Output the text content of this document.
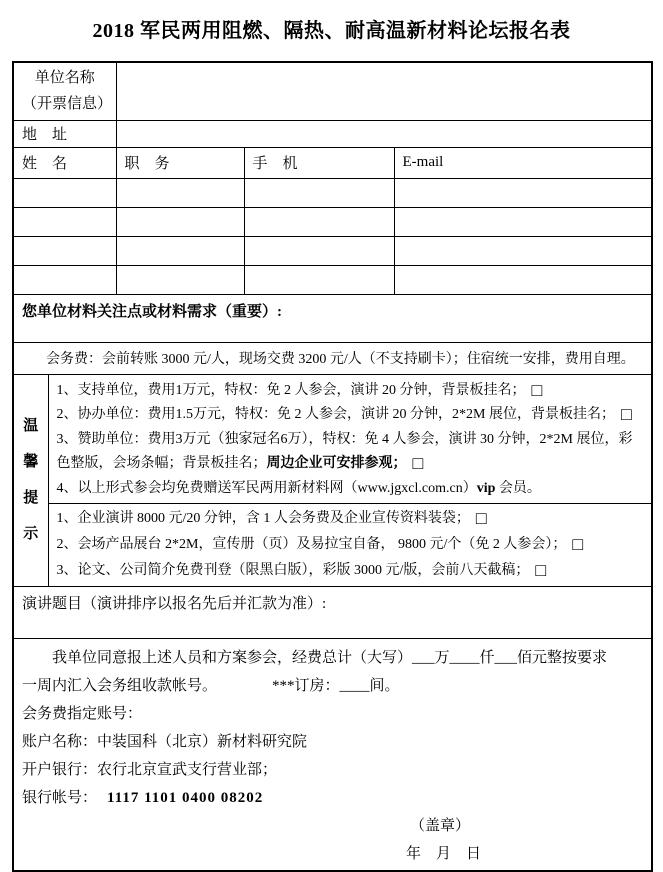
2018 军民两用阻燃、隔热、耐高温新材料论坛报名表
单位名称
（开票信息）				

地　址				
姓　名		职　务	手　机	E-mail

您单位材料关注点或材料需求（重要）:				
会务费：会前转账 3000 元/人，现场交费 3200 元/人（不支持刷卡）；住宿统一安排，费用自理。				

温
馨
提
示

1、支持单位，费用1万元，特权：免 2 人参会，演讲 20 分钟，背景板挂名； □
2、协办单位：费用1.5万元，特权：免 2 人参会，演讲 20 分钟，2*2M 展位，背景板挂名； □
3、赞助单位：费用3万元（独家冠名6万），特权：免 4 人参会，演讲 30 分钟，2*2M 展位，彩色整版，会场条幅；背景板挂名；周边企业可安排参观； □
4、以上形式参会均免费赠送军民两用新材料网（www.jgxcl.com.cn）vip 会员。

	1、企业演讲 8000 元/20 分钟，含 1 人会务费及企业宣传资料装袋； □
2、会场产品展台 2*2M，宣传册（页）及易拉宝自备， 9800 元/个（免 2 人参会）； □
3、论文、公司简介免费刊登（限黑白版），彩版 3000 元/版，会前八天截稿； □			

演讲题目（演讲排序以报名先后并汇款为准）:				

我单位同意报上述人员和方案参会，经费总计（大写）___万____仟___佰元整按要求

一周内汇入会务组收款帐号。	***订房：____间。

会务费指定账号：

账户名称：中装国科（北京）新材料研究院

开户银行：农行北京宣武支行营业部；

银行帐号： 1117 1101 0400 08202

（盖章）

年　月　日
